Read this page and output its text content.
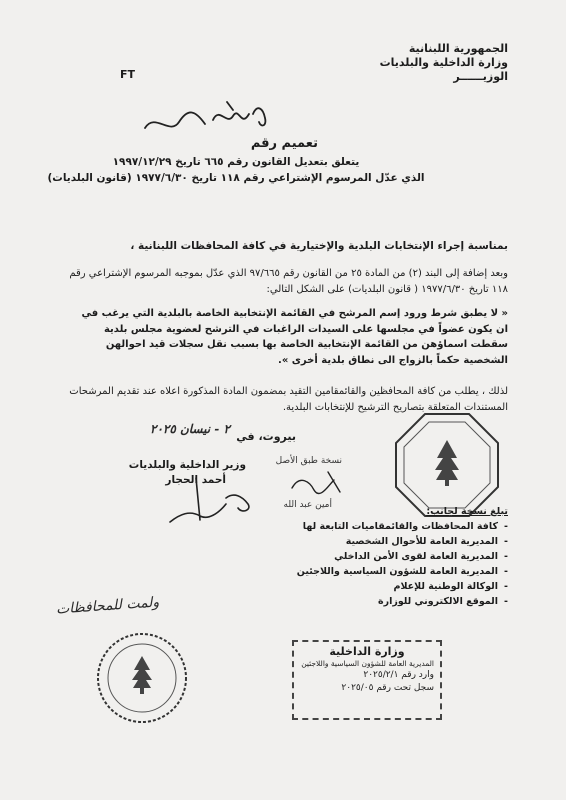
الجمهورية اللبنانية
وزارة الداخلية والبلديات
الوزيــــــر
FT
تعميم رقم
يتعلق بتعديل القانون رقم ٦٦٥ تاريخ ١٩٩٧/١٢/٢٩
الذي عدّل المرسوم الإشتراعي رقم ١١٨ تاريخ ١٩٧٧/٦/٣٠ (قانون البلديات)
بمناسبة إجراء الإنتخابات البلدية والإختيارية في كافة المحافظات اللبنانية ،
وبعد إضافة إلى البند (٢) من المادة ٢٥ من القانون رقم ٩٧/٦٦٥ الذي عدّل بموجبه المرسوم الإشتراعي رقم ١١٨ تاريخ ١٩٧٧/٦/٣٠ ( قانون البلديات) على الشكل التالي:
« لا يطبق شرط ورود إسم المرشح في القائمة الإنتخابية الخاصة بالبلدية التي يرغب في ان يكون عضواً في مجلسها على السيدات الراغبات في الترشح لعضوية مجلس بلدية سقطت اسماؤهن من القائمة الإنتخابية الخاصة بها بسبب نقل سجلات قيد احوالهن الشخصية حكماً بالزواج الى نطاق بلدية أخرى ».
لذلك ، يطلب من كافة المحافظين والقائمقامين التقيد بمضمون المادة المذكورة اعلاه عند تقديم المرشحات المستندات المتعلقة بتصاريح الترشيح للإنتخابات البلدية.
بيروت، في
٢ - نيسان ٢٠٢٥
وزير الداخلية والبلديات
أحمد الحجار
نسخة طبق الأصل
أمين عبد الله
تبلغ نسخة لجانب:
- كافة المحافظات والقائمقاميات التابعة لها
- المديرية العامة للأحوال الشخصية
- المديرية العامة لقوى الأمن الداخلي
- المديرية العامة للشؤون السياسية واللاجئين
- الوكالة الوطنية للإعلام
- الموقع الالكتروني للوزارة
ولمت للمحافظات
وزارة الداخلية
المديرية العامة للشؤون السياسية واللاجئين
وارد رقم ٢٠٢٥/٢/١
سجل تحت رقم ٢٠٢٥/٠٥
